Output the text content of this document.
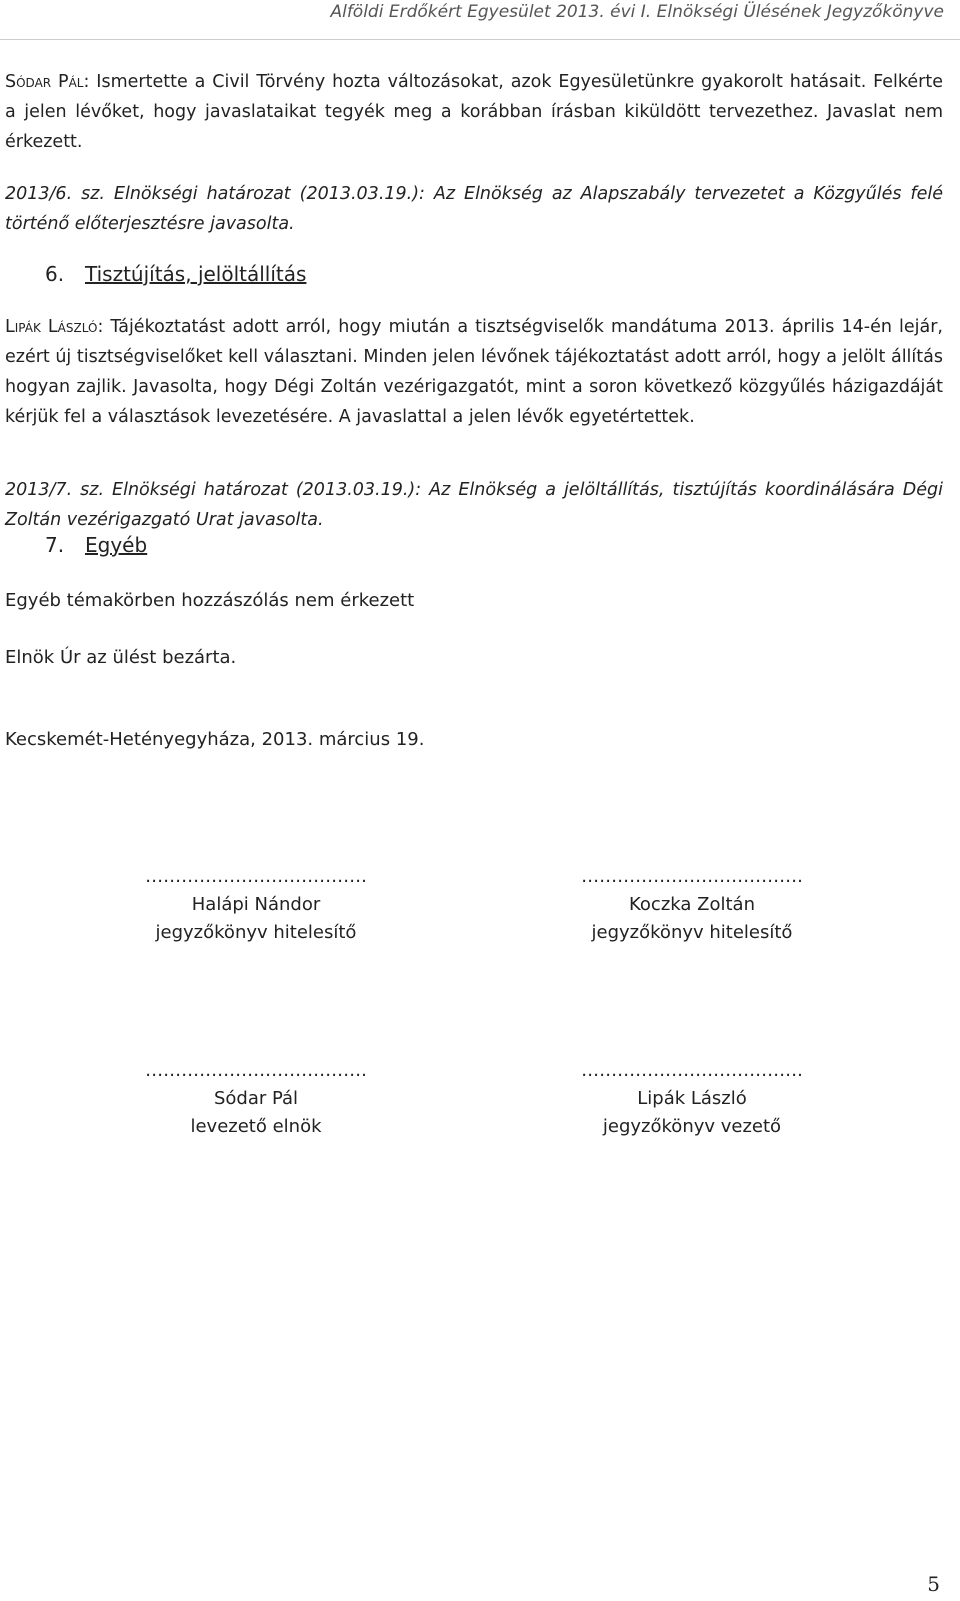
Alföldi Erdőkért Egyesület 2013. évi I. Elnökségi Ülésének Jegyzőkönyve

Sódar Pál: Ismertette a Civil Törvény hozta változásokat, azok Egyesületünkre gyakorolt hatásait. Felkérte a jelen lévőket, hogy javaslataikat tegyék meg a korábban írásban kiküldött tervezethez. Javaslat nem érkezett.

2013/6. sz. Elnökségi határozat (2013.03.19.): Az Elnökség az Alapszabály tervezetet a Közgyűlés felé történő előterjesztésre javasolta.

6. Tisztújítás, jelöltállítás

Lipák László: Tájékoztatást adott arról, hogy miután a tisztségviselők mandátuma 2013. április 14-én lejár, ezért új tisztségviselőket kell választani. Minden jelen lévőnek tájékoztatást adott arról, hogy a jelölt állítás hogyan zajlik. Javasolta, hogy Dégi Zoltán vezérigazgatót, mint a soron következő közgyűlés házigazdáját kérjük fel a választások levezetésére. A javaslattal a jelen lévők egyetértettek.

2013/7. sz. Elnökségi határozat (2013.03.19.): Az Elnökség a jelöltállítás, tisztújítás koordinálására Dégi Zoltán vezérigazgató Urat javasolta.

7. Egyéb
Egyéb témakörben hozzászólás nem érkezett
Elnök Úr az ülést bezárta.
Kecskemét-Hetényegyháza, 2013. március 19.
……………………………….
Halápi Nándor
jegyzőkönyv hitelesítő
……………………………….
Koczka Zoltán
jegyzőkönyv hitelesítő
……………………………….
Sódar Pál
levezető elnök
……………………………….
Lipák László
jegyzőkönyv vezető
5
